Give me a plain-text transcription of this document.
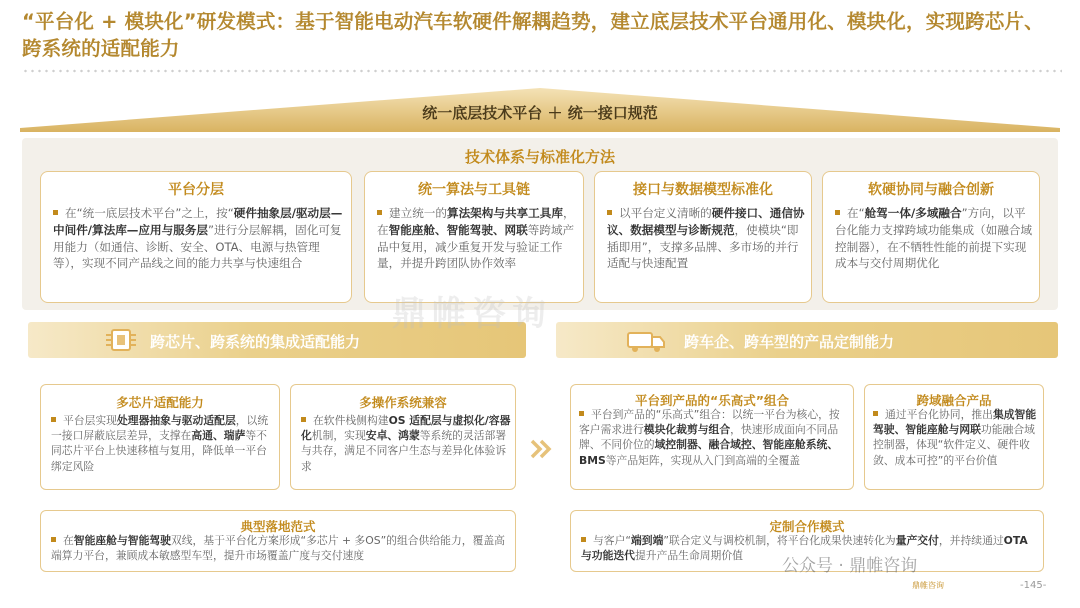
“平台化 + 模块化”研发模式：基于智能电动汽车软硬件解耦趋势，建立底层技术平台通用化、模块化，实现跨芯片、跨系统的适配能力
统一底层技术平台 ＋ 统一接口规范
技术体系与标准化方法
平台分层
在“统一底层技术平台”之上，按“硬件抽象层/驱动层—中间件/算法库—应用与服务层”进行分层解耦，固化可复用能力（如通信、诊断、安全、OTA、电源与热管理等），实现不同产品线之间的能力共享与快速组合
统一算法与工具链
建立统一的算法架构与共享工具库，在智能座舱、智能驾驶、网联等跨域产品中复用，减少重复开发与验证工作量，并提升跨团队协作效率
接口与数据模型标准化
以平台定义清晰的硬件接口、通信协议、数据模型与诊断规范，使模块“即插即用”，支撑多品牌、多市场的并行适配与快速配置
软硬协同与融合创新
在“舱驾一体/多域融合”方向，以平台化能力支撑跨域功能集成（如融合域控制器），在不牺牲性能的前提下实现成本与交付周期优化
跨芯片、跨系统的集成适配能力
多芯片适配能力
平台层实现处理器抽象与驱动适配层，以统一接口屏蔽底层差异，支撑在高通、瑞萨等不同芯片平台上快速移植与复用，降低单一平台绑定风险
多操作系统兼容
在软件栈侧构建OS 适配层与虚拟化/容器化机制，实现安卓、鸿蒙等系统的灵活部署与共存，满足不同客户生态与差异化体验诉求
典型落地范式
在智能座舱与智能驾驶双线，基于平台化方案形成“多芯片 + 多OS”的组合供给能力，覆盖高端算力平台，兼顾成本敏感型车型，提升市场覆盖广度与交付速度
跨车企、跨车型的产品定制能力
平台到产品的“乐高式”组合
平台到产品的“乐高式”组合：以统一平台为核心，按客户需求进行模块化裁剪与组合，快速形成面向不同品牌、不同价位的域控制器、融合域控、智能座舱系统、BMS等产品矩阵，实现从入门到高端的全覆盖
跨域融合产品
通过平台化协同，推出集成智能驾驶、智能座舱与网联功能融合域控制器，体现“软件定义、硬件收敛、成本可控”的平台价值
定制合作模式
与客户“端到端”联合定义与调校机制，将平台化成果快速转化为量产交付，并持续通过OTA与功能迭代提升产品生命周期价值
鼎帷咨询
公众号 · 鼎帷咨询
鼎帷咨询	-145-
